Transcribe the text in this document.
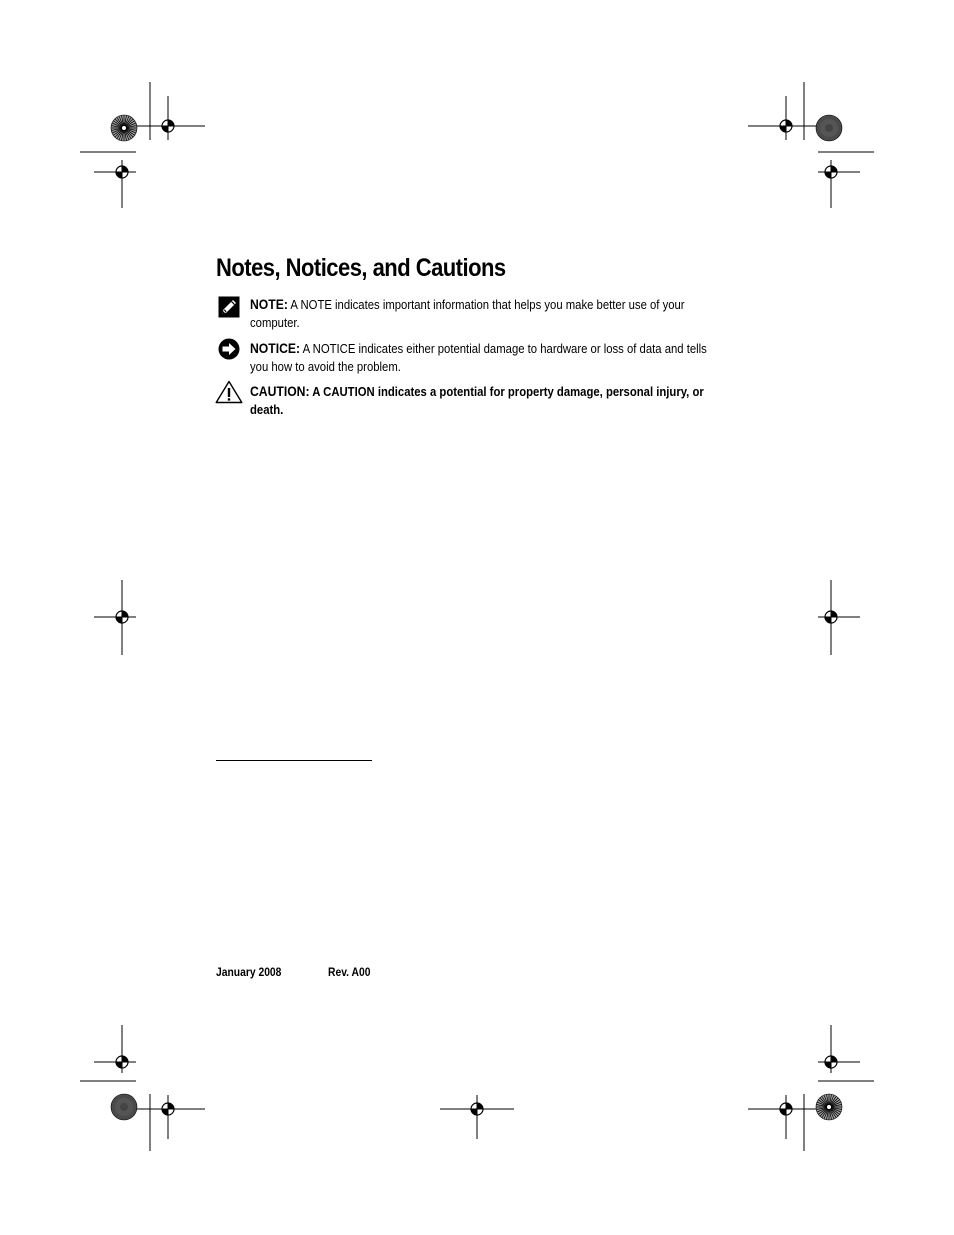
Notes, Notices, and Cautions
NOTE: A NOTE indicates important information that helps you make better use of your computer.
NOTICE: A NOTICE indicates either potential damage to hardware or loss of data and tells you how to avoid the problem.
CAUTION: A CAUTION indicates a potential for property damage, personal injury, or death.
January 2008	Rev. A00
